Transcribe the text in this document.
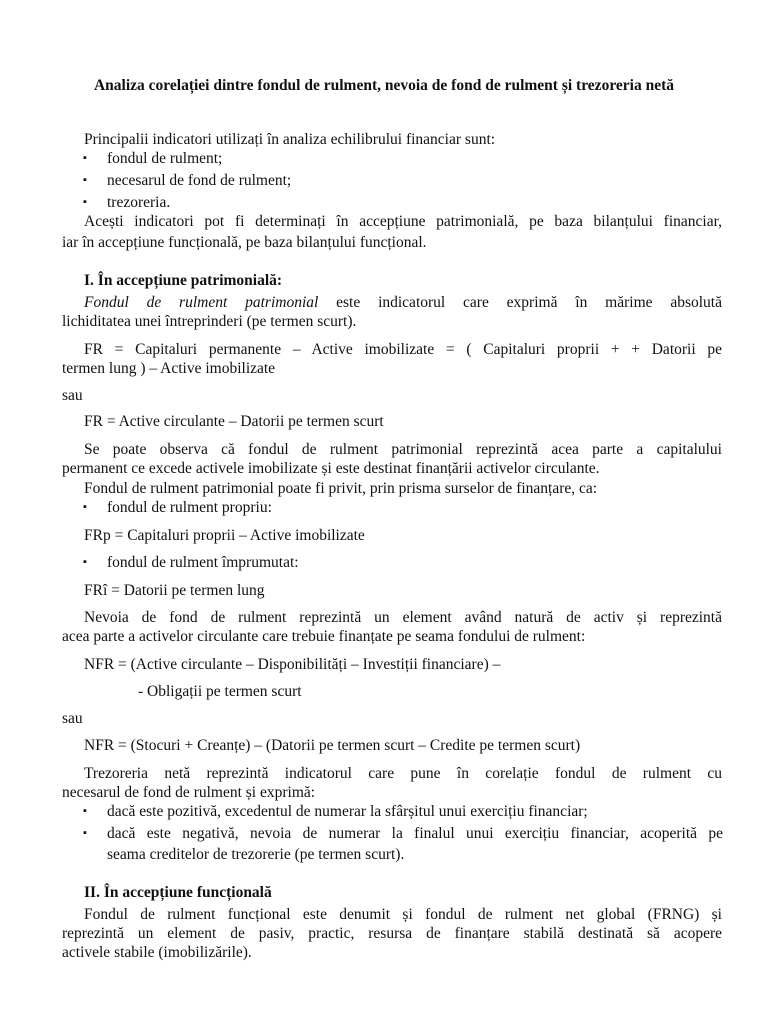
Analiza corelației dintre fondul de rulment, nevoia de fond de rulment și trezoreria netă
Principalii indicatori utilizați în analiza echilibrului financiar sunt:
▪ fondul de rulment;
▪ necesarul de fond de rulment;
▪ trezoreria.
Acești indicatori pot fi determinați în accepțiune patrimonială, pe baza bilanțului financiar,
iar în accepțiune funcțională, pe baza bilanțului funcțional.
I. În accepțiune patrimonială:
Fondul de rulment patrimonial este indicatorul care exprimă în mărime absolută
lichiditatea unei întreprinderi (pe termen scurt).
FR = Capitaluri permanente – Active imobilizate = ( Capitaluri proprii + + Datorii pe
termen lung ) – Active imobilizate
sau
FR = Active circulante – Datorii pe termen scurt
Se poate observa că fondul de rulment patrimonial reprezintă acea parte a capitalului
permanent ce excede activele imobilizate și este destinat finanțării activelor circulante.
Fondul de rulment patrimonial poate fi privit, prin prisma surselor de finanțare, ca:
▪ fondul de rulment propriu:
FRp = Capitaluri proprii – Active imobilizate
▪ fondul de rulment împrumutat:
FRî = Datorii pe termen lung
Nevoia de fond de rulment reprezintă un element având natură de activ și reprezintă
acea parte a activelor circulante care trebuie finanțate pe seama fondului de rulment:
NFR = (Active circulante – Disponibilități – Investiții financiare) –
- Obligații pe termen scurt
sau
NFR = (Stocuri + Creanțe) – (Datorii pe termen scurt – Credite pe termen scurt)
Trezoreria netă reprezintă indicatorul care pune în corelație fondul de rulment cu
necesarul de fond de rulment și exprimă:
▪ dacă este pozitivă, excedentul de numerar la sfârșitul unui exercițiu financiar;
▪ dacă este negativă, nevoia de numerar la finalul unui exercițiu financiar, acoperită pe
seama creditelor de trezorerie (pe termen scurt).
II. În accepțiune funcțională
Fondul de rulment funcțional este denumit și fondul de rulment net global (FRNG) și
reprezintă un element de pasiv, practic, resursa de finanțare stabilă destinată să acopere
activele stabile (imobilizările).
